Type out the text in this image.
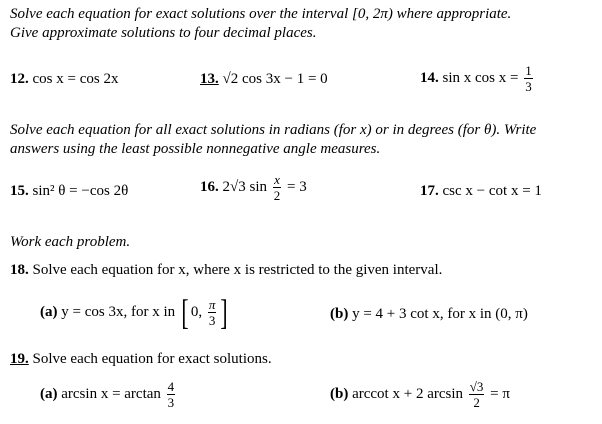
Solve each equation for exact solutions over the interval [0, 2π) where appropriate.
Give approximate solutions to four decimal places.
12. cos x = cos 2x	13. √2 cos 3x − 1 = 0	14. sin x $\cos x = \frac{1}{3}$
Solve each equation for all exact solutions in radians (for x) or in degrees (for θ). Write
answers using the least possible nonnegative angle measures.
15. sin² θ = −cos 2θ	16. 2√3 $\sin \frac{x}{2} = 3$	17. csc x − cot x = 1
Work each problem.
18. Solve each equation for x, where x is restricted to the given interval.
(a) y = cos 3x, for x in [ 0, $\frac{\pi}{3}$ ]	(b) y = 4 + 3 cot x, for x in (0, π)
19. Solve each equation for exact solutions.
(a) $\arcsin x = \arctan \frac{4}{3}$	(b) arccot x + 2 $\arcsin \frac{√3}{2} = \pi$
